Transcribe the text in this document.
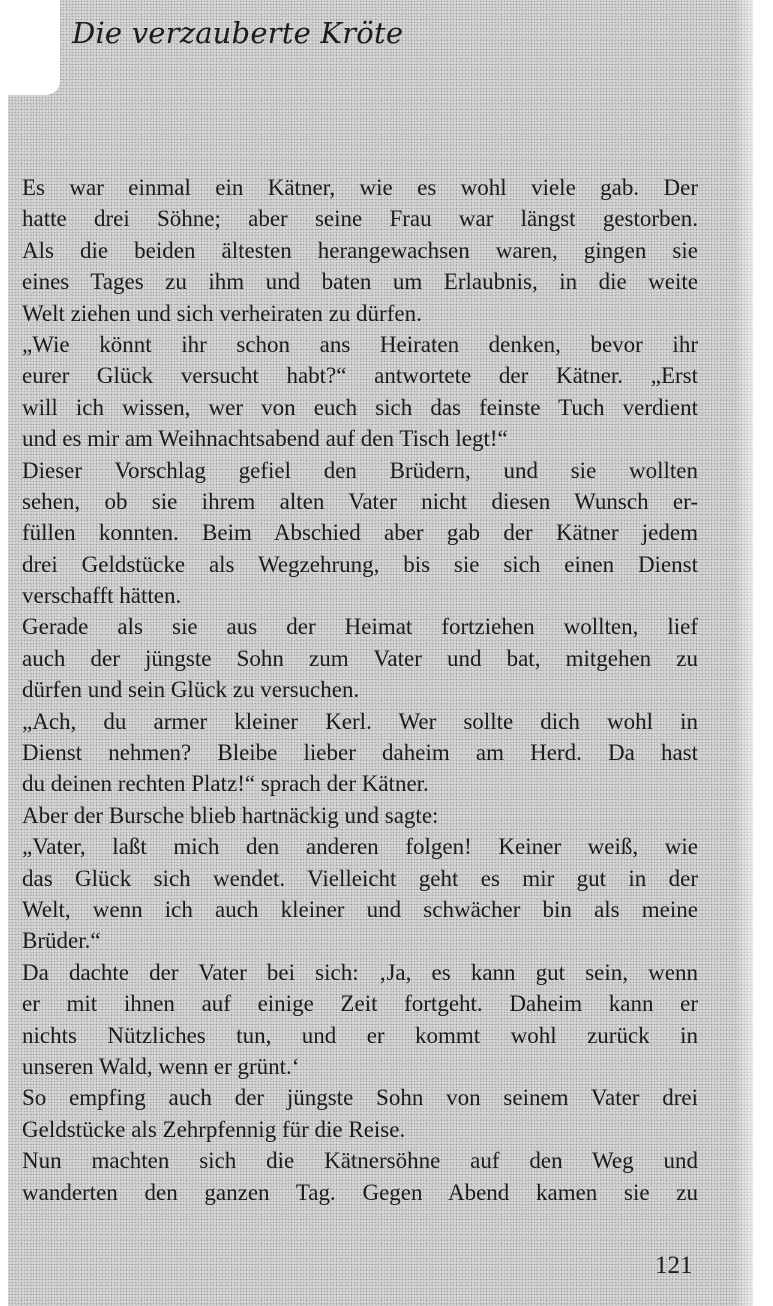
Die verzauberte Kröte
Es war einmal ein Kätner, wie es wohl viele gab. Der
hatte drei Söhne; aber seine Frau war längst gestorben.
Als die beiden ältesten herangewachsen waren, gingen sie
eines Tages zu ihm und baten um Erlaubnis, in die weite
Welt ziehen und sich verheiraten zu dürfen.
„Wie könnt ihr schon ans Heiraten denken, bevor ihr
eurer Glück versucht habt?“ antwortete der Kätner. „Erst
will ich wissen, wer von euch sich das feinste Tuch verdient
und es mir am Weihnachtsabend auf den Tisch legt!“
Dieser Vorschlag gefiel den Brüdern, und sie wollten
sehen, ob sie ihrem alten Vater nicht diesen Wunsch er-
füllen konnten. Beim Abschied aber gab der Kätner jedem
drei Geldstücke als Wegzehrung, bis sie sich einen Dienst
verschafft hätten.
Gerade als sie aus der Heimat fortziehen wollten, lief
auch der jüngste Sohn zum Vater und bat, mitgehen zu
dürfen und sein Glück zu versuchen.
„Ach, du armer kleiner Kerl. Wer sollte dich wohl in
Dienst nehmen? Bleibe lieber daheim am Herd. Da hast
du deinen rechten Platz!“ sprach der Kätner.
Aber der Bursche blieb hartnäckig und sagte:
„Vater, laßt mich den anderen folgen! Keiner weiß, wie
das Glück sich wendet. Vielleicht geht es mir gut in der
Welt, wenn ich auch kleiner und schwächer bin als meine
Brüder.“
Da dachte der Vater bei sich: ‚Ja, es kann gut sein, wenn
er mit ihnen auf einige Zeit fortgeht. Daheim kann er
nichts Nützliches tun, und er kommt wohl zurück in
unseren Wald, wenn er grünt.‘
So empfing auch der jüngste Sohn von seinem Vater drei
Geldstücke als Zehrpfennig für die Reise.
Nun machten sich die Kätnersöhne auf den Weg und
wanderten den ganzen Tag. Gegen Abend kamen sie zu

121
